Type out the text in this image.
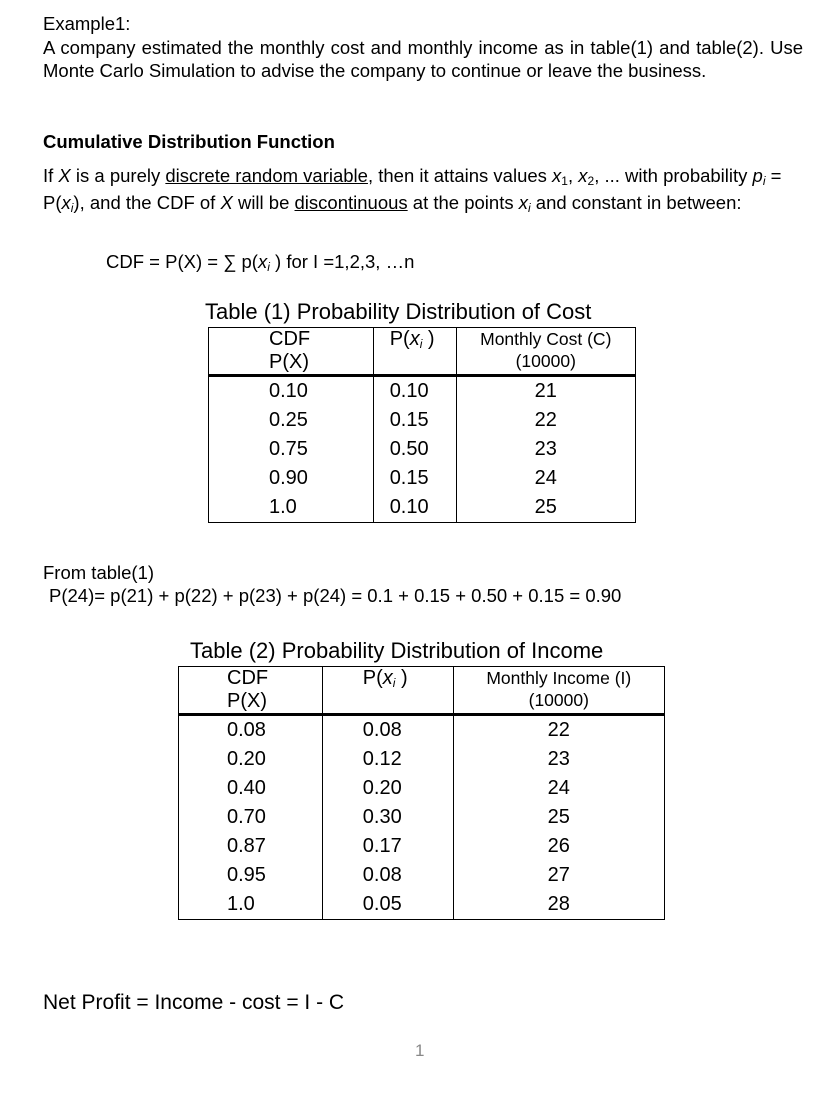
Example1:

A company estimated the monthly cost and monthly income as in table(1) and table(2). Use Monte Carlo Simulation to advise the company to continue or leave the business.

Cumulative Distribution Function
If X is a purely discrete random variable, then it attains values $x_1$, $x_2$, ... with probability $p_i = P(x_i)$, and the CDF of X will be discontinuous at the points $x_i$ and constant in between:
CDF = P(X) = ∑ $p(x_i$ ) for I =1,2,3, …n
Table (1) Probability Distribution of Cost
CDF
P(X)	$P(x_i$ )	Monthly Cost (C)
(10000)
0.10	0.10	21
0.25	0.15	22
0.75	0.50	23
0.90	0.15	24
1.0	0.10	25
From table(1)
P(24)= p(21) + p(22) + p(23) + p(24) = 0.1 + 0.15 + 0.50 + 0.15 = 0.90
Table (2) Probability Distribution of Income
CDF
P(X)	$P(x_i$ )	Monthly Income (I)
(10000)
0.08	0.08	22
0.20	0.12	23
0.40	0.20	24
0.70	0.30	25
0.87	0.17	26
0.95	0.08	27
1.0	0.05	28
Net Profit = Income - cost = I - C
1
